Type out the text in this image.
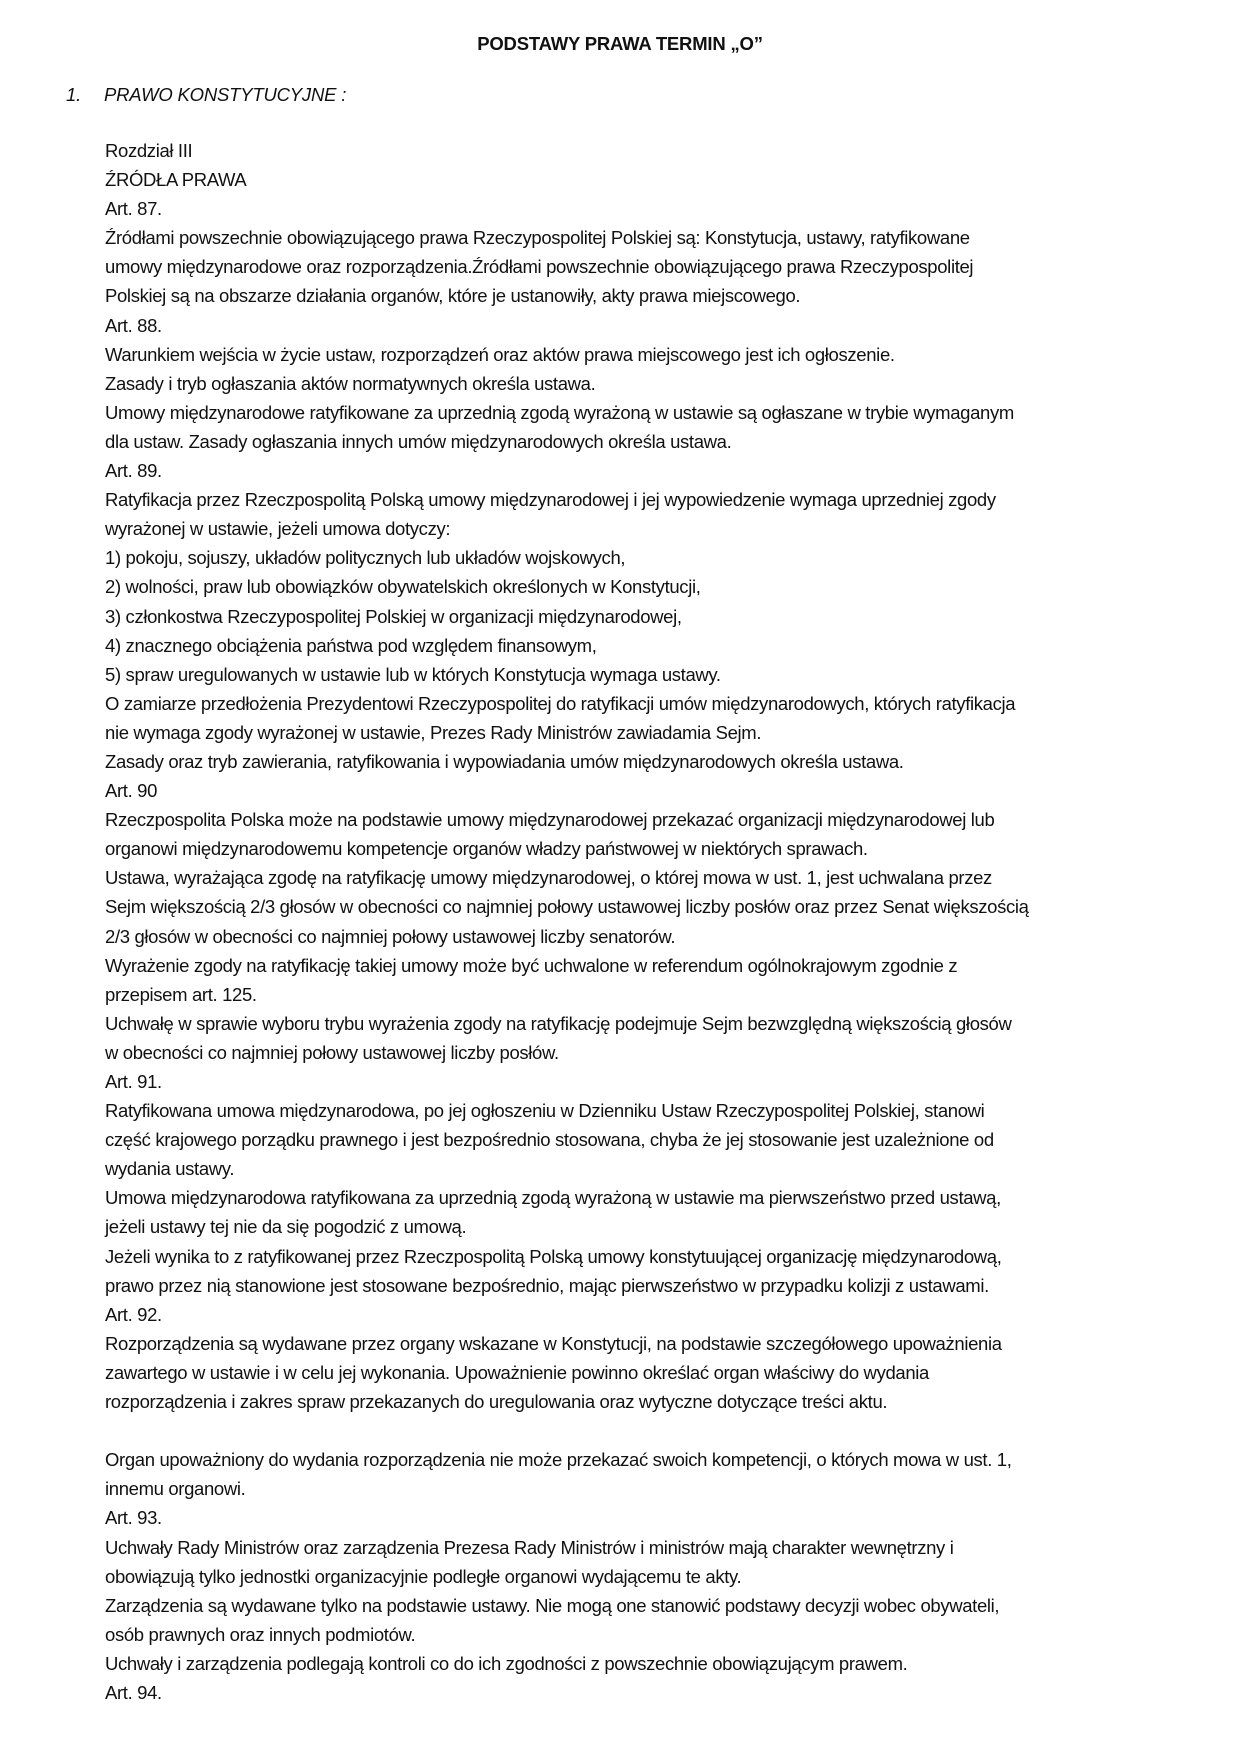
PODSTAWY PRAWA TERMIN „O”
1. PRAWO KONSTYTUCYJNE :
Rozdział III
ŹRÓDŁA PRAWA
Art. 87.
Źródłami powszechnie obowiązującego prawa Rzeczypospolitej Polskiej są: Konstytucja, ustawy, ratyfikowane
umowy międzynarodowe oraz rozporządzenia.Źródłami powszechnie obowiązującego prawa Rzeczypospolitej
Polskiej są na obszarze działania organów, które je ustanowiły, akty prawa miejscowego.
Art. 88.
Warunkiem wejścia w życie ustaw, rozporządzeń oraz aktów prawa miejscowego jest ich ogłoszenie.
Zasady i tryb ogłaszania aktów normatywnych określa ustawa.
Umowy międzynarodowe ratyfikowane za uprzednią zgodą wyrażoną w ustawie są ogłaszane w trybie wymaganym
dla ustaw. Zasady ogłaszania innych umów międzynarodowych określa ustawa.
Art. 89.
Ratyfikacja przez Rzeczpospolitą Polską umowy międzynarodowej i jej wypowiedzenie wymaga uprzedniej zgody
wyrażonej w ustawie, jeżeli umowa dotyczy:
1) pokoju, sojuszy, układów politycznych lub układów wojskowych,
2) wolności, praw lub obowiązków obywatelskich określonych w Konstytucji,
3) członkostwa Rzeczypospolitej Polskiej w organizacji międzynarodowej,
4) znacznego obciążenia państwa pod względem finansowym,
5) spraw uregulowanych w ustawie lub w których Konstytucja wymaga ustawy.
O zamiarze przedłożenia Prezydentowi Rzeczypospolitej do ratyfikacji umów międzynarodowych, których ratyfikacja
nie wymaga zgody wyrażonej w ustawie, Prezes Rady Ministrów zawiadamia Sejm.
Zasady oraz tryb zawierania, ratyfikowania i wypowiadania umów międzynarodowych określa ustawa.
Art. 90
Rzeczpospolita Polska może na podstawie umowy międzynarodowej przekazać organizacji międzynarodowej lub
organowi międzynarodowemu kompetencje organów władzy państwowej w niektórych sprawach.
Ustawa, wyrażająca zgodę na ratyfikację umowy międzynarodowej, o której mowa w ust. 1, jest uchwalana przez
Sejm większością 2/3 głosów w obecności co najmniej połowy ustawowej liczby posłów oraz przez Senat większością
2/3 głosów w obecności co najmniej połowy ustawowej liczby senatorów.
Wyrażenie zgody na ratyfikację takiej umowy może być uchwalone w referendum ogólnokrajowym zgodnie z
przepisem art. 125.
Uchwałę w sprawie wyboru trybu wyrażenia zgody na ratyfikację podejmuje Sejm bezwzględną większością głosów
w obecności co najmniej połowy ustawowej liczby posłów.
Art. 91.
Ratyfikowana umowa międzynarodowa, po jej ogłoszeniu w Dzienniku Ustaw Rzeczypospolitej Polskiej, stanowi
część krajowego porządku prawnego i jest bezpośrednio stosowana, chyba że jej stosowanie jest uzależnione od
wydania ustawy.
Umowa międzynarodowa ratyfikowana za uprzednią zgodą wyrażoną w ustawie ma pierwszeństwo przed ustawą,
jeżeli ustawy tej nie da się pogodzić z umową.
Jeżeli wynika to z ratyfikowanej przez Rzeczpospolitą Polską umowy konstytuującej organizację międzynarodową,
prawo przez nią stanowione jest stosowane bezpośrednio, mając pierwszeństwo w przypadku kolizji z ustawami.
Art. 92.
Rozporządzenia są wydawane przez organy wskazane w Konstytucji, na podstawie szczegółowego upoważnienia
zawartego w ustawie i w celu jej wykonania. Upoważnienie powinno określać organ właściwy do wydania
rozporządzenia i zakres spraw przekazanych do uregulowania oraz wytyczne dotyczące treści aktu.
Organ upoważniony do wydania rozporządzenia nie może przekazać swoich kompetencji, o których mowa w ust. 1,
innemu organowi.
Art. 93.
Uchwały Rady Ministrów oraz zarządzenia Prezesa Rady Ministrów i ministrów mają charakter wewnętrzny i
obowiązują tylko jednostki organizacyjnie podległe organowi wydającemu te akty.
Zarządzenia są wydawane tylko na podstawie ustawy. Nie mogą one stanowić podstawy decyzji wobec obywateli,
osób prawnych oraz innych podmiotów.
Uchwały i zarządzenia podlegają kontroli co do ich zgodności z powszechnie obowiązującym prawem.
Art. 94.
